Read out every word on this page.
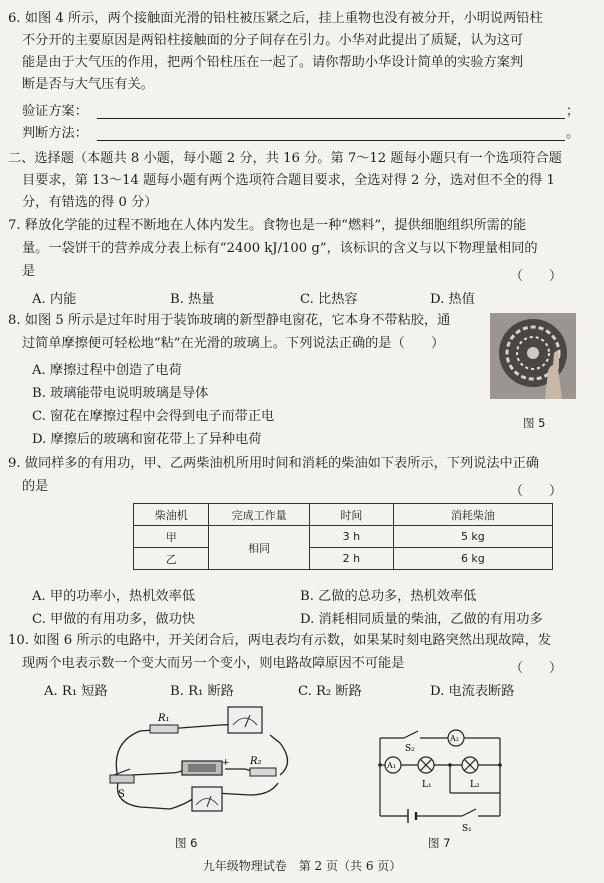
6. 如图 4 所示，两个接触面光滑的铅柱被压紧之后，挂上重物也没有被分开，小明说两铅柱
不分开的主要原因是两铅柱接触面的分子间存在引力。小华对此提出了质疑，认为这可
能是由于大气压的作用，把两个铅柱压在一起了。请你帮助小华设计简单的实验方案判
断是否与大气压有关。
验证方案：	；
判断方法：	。
二、选择题（本题共 8 小题，每小题 2 分，共 16 分。第 7～12 题每小题只有一个选项符合题
目要求，第 13～14 题每小题有两个选项符合题目要求，全选对得 2 分，选对但不全的得 1
分，有错选的得 0 分）
7. 释放化学能的过程不断地在人体内发生。食物也是一种“燃料”，提供细胞组织所需的能
量。一袋饼干的营养成分表上标有“2400 kJ/100 g”，该标识的含义与以下物理量相同的
是	（　　）
A. 内能	B. 热量	C. 比热容	D. 热值
8. 如图 5 所示是过年时用于装饰玻璃的新型静电窗花，它本身不带粘胶，通
过简单摩擦便可轻松地“粘”在光滑的玻璃上。下列说法正确的是（　　）
A. 摩擦过程中创造了电荷
B. 玻璃能带电说明玻璃是导体
C. 窗花在摩擦过程中会得到电子而带正电
D. 摩擦后的玻璃和窗花带上了异种电荷
图 5
9. 做同样多的有用功，甲、乙两柴油机所用时间和消耗的柴油如下表所示，下列说法中正确
的是	（　　）
柴油机	完成工作量	时间	消耗柴油
甲	相同	3 h	5 kg
乙		2 h	6 kg
A. 甲的功率小，热机效率低	B. 乙做的总功多，热机效率低
C. 甲做的有用功多，做功快	D. 消耗相同质量的柴油，乙做的有用功多
10. 如图 6 所示的电路中，开关闭合后，两电表均有示数，如果某时刻电路突然出现故障，发
现两个电表示数一个变大而另一个变小，则电路故障原因不可能是	（　　）
A. R₁ 短路	B. R₁ 断路	C. R₂ 断路	D. 电流表断路
R₁
R₂
S
+
图 6
S₂
A₂
A₁
L₁	L₂
S₁
图 7
九年级物理试卷　第 2 页（共 6 页）
